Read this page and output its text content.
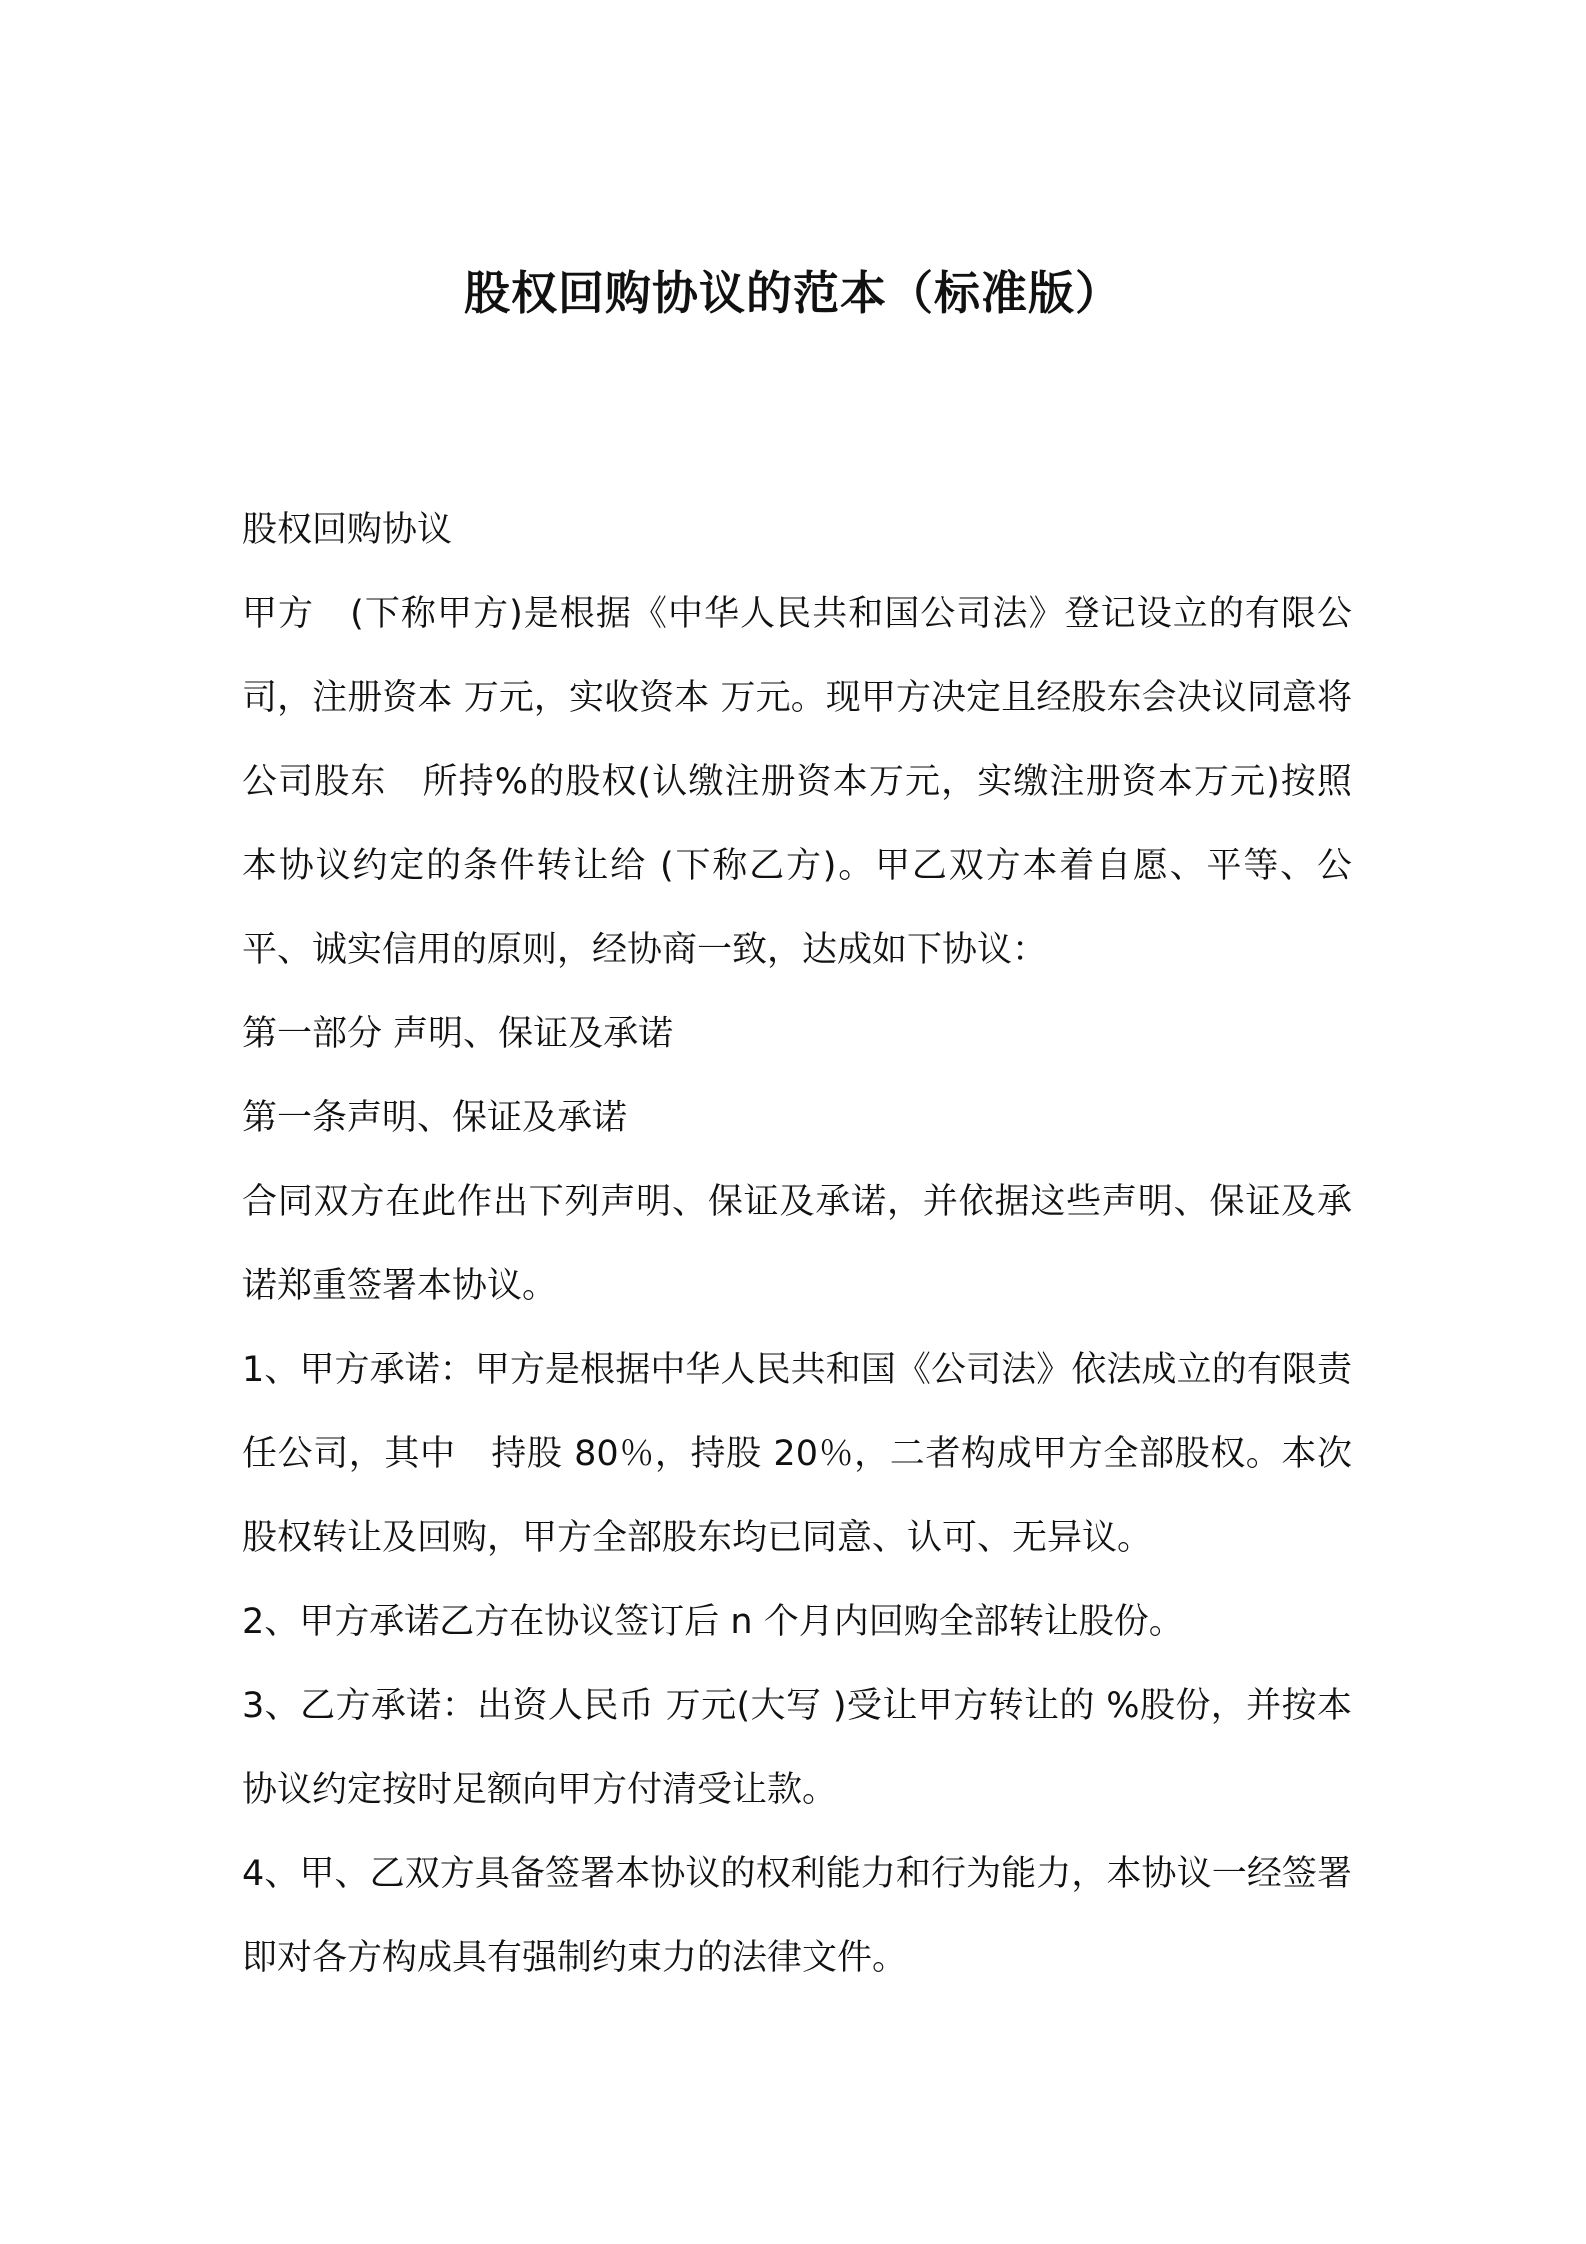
股权回购协议的范本（标准版）

股权回购协议

甲方　(下称甲方)是根据《中华人民共和国公司法》登记设立的有限公司，注册资本 万元，实收资本 万元。现甲方决定且经股东会决议同意将公司股东　所持%的股权(认缴注册资本万元，实缴注册资本万元)按照本协议约定的条件转让给 (下称乙方)。甲乙双方本着自愿、平等、公平、诚实信用的原则，经协商一致，达成如下协议：

第一部分 声明、保证及承诺

第一条声明、保证及承诺

合同双方在此作出下列声明、保证及承诺，并依据这些声明、保证及承诺郑重签署本协议。

1、甲方承诺：甲方是根据中华人民共和国《公司法》依法成立的有限责任公司，其中　持股 80％，持股 20％，二者构成甲方全部股权。本次股权转让及回购，甲方全部股东均已同意、认可、无异议。

2、甲方承诺乙方在协议签订后 n 个月内回购全部转让股份。

3、乙方承诺：出资人民币 万元(大写 )受让甲方转让的 %股份，并按本协议约定按时足额向甲方付清受让款。

4、甲、乙双方具备签署本协议的权利能力和行为能力，本协议一经签署即对各方构成具有强制约束力的法律文件。
